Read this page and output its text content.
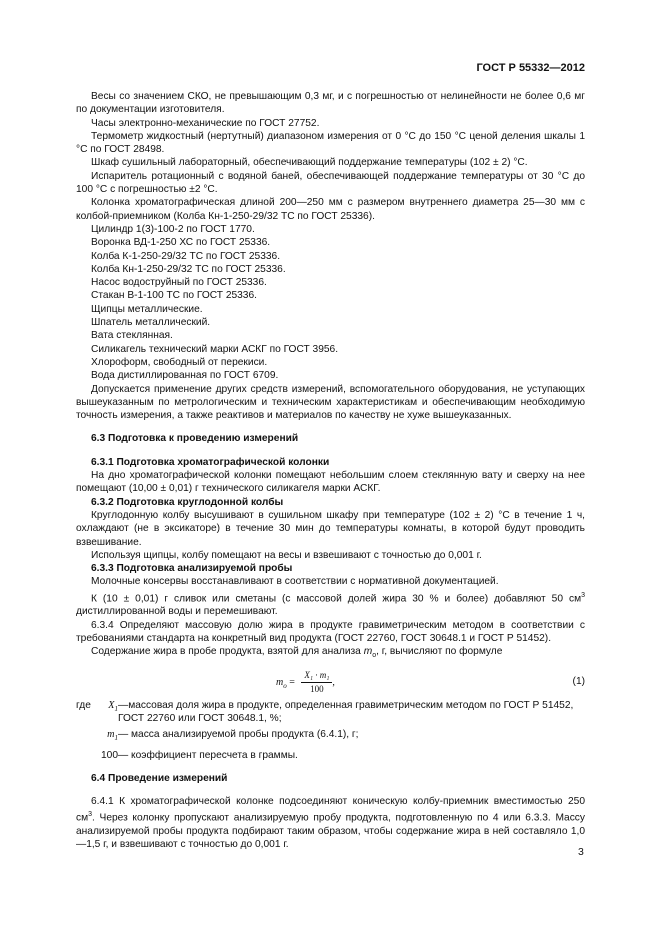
ГОСТ Р 55332—2012

Весы со значением СКО, не превышающим 0,3 мг, и с погрешностью от нелинейности не более 0,6 мг по документации изготовителя.

Часы электронно-механические по ГОСТ 27752.

Термометр жидкостный (нертутный) диапазоном измерения от 0 °С до 150 °С ценой деления шкалы 1 °С по ГОСТ 28498.

Шкаф сушильный лабораторный, обеспечивающий поддержание температуры (102 ± 2) °С.

Испаритель ротационный с водяной баней, обеспечивающей поддержание температуры от 30 °С до 100 °С с погрешностью ±2 °С.

Колонка хроматографическая длиной 200—250 мм с размером внутреннего диаметра 25—30 мм с колбой-приемником (Колба Кн-1-250-29/32 ТС по ГОСТ 25336).

Цилиндр 1(3)-100-2 по ГОСТ 1770.

Воронка ВД-1-250 ХС по ГОСТ 25336.

Колба К-1-250-29/32 ТС по ГОСТ 25336.

Колба Кн-1-250-29/32 ТС по ГОСТ 25336.

Насос водоструйный по ГОСТ 25336.

Стакан В-1-100 ТС по ГОСТ 25336.

Щипцы металлические.

Шпатель металлический.

Вата стеклянная.

Силикагель технический марки АСКГ по ГОСТ 3956.

Хлороформ, свободный от перекиси.

Вода дистиллированная по ГОСТ 6709.

Допускается применение других средств измерений, вспомогательного оборудования, не уступающих вышеуказанным по метрологическим и техническим характеристикам и обеспечивающим необходимую точность измерения, а также реактивов и материалов по качеству не хуже вышеуказанных.

6.3 Подготовка к проведению измерений
6.3.1 Подготовка хроматографической колонки

На дно хроматографической колонки помещают небольшим слоем стеклянную вату и сверху на нее помещают (10,00 ± 0,01) г технического силикагеля марки АСКГ.

6.3.2 Подготовка круглодонной колбы

Круглодонную колбу высушивают в сушильном шкафу при температуре (102 ± 2) °С в течение 1 ч, охлаждают (не в эксикаторе) в течение 30 мин до температуры комнаты, в которой будут проводить взвешивание.

Используя щипцы, колбу помещают на весы и взвешивают с точностью до 0,001 г.

6.3.3 Подготовка анализируемой пробы

Молочные консервы восстанавливают в соответствии с нормативной документацией.

К (10 ± 0,01) г сливок или сметаны (с массовой долей жира 30 % и более) добавляют 50 $см^3$ дистиллированной воды и перемешивают.

6.3.4 Определяют массовую долю жира в продукте гравиметрическим методом в соответствии с требованиями стандарта на конкретный вид продукта (ГОСТ 22760, ГОСТ 30648.1 и ГОСТ Р 51452).

Содержание жира в пробе продукта, взятой для анализа $m_o$, г, вычисляют по формуле

$m_o = \frac{\text{X₁ · m₁}}{100}$ ,	(1)
где	$X_1$ —массовая доля жира в продукте, определенная гравиметрическим методом по ГОСТ Р 51452, ГОСТ 22760 или ГОСТ 30648.1, %;
$m_1$ — масса анализируемой пробы продукта (6.4.1), г;
100 — коэффициент пересчета в граммы.
6.4 Проведение измерений

6.4.1 К хроматографической колонке подсоединяют коническую колбу-приемник вместимостью 250 $см^3$. Через колонку пропускают анализируемую пробу продукта, подготовленную по 4 или 6.3.3. Массу анализируемой пробы продукта подбирают таким образом, чтобы содержание жира в ней составляло 1,0—1,5 г, и взвешивают с точностью до 0,001 г.

3
